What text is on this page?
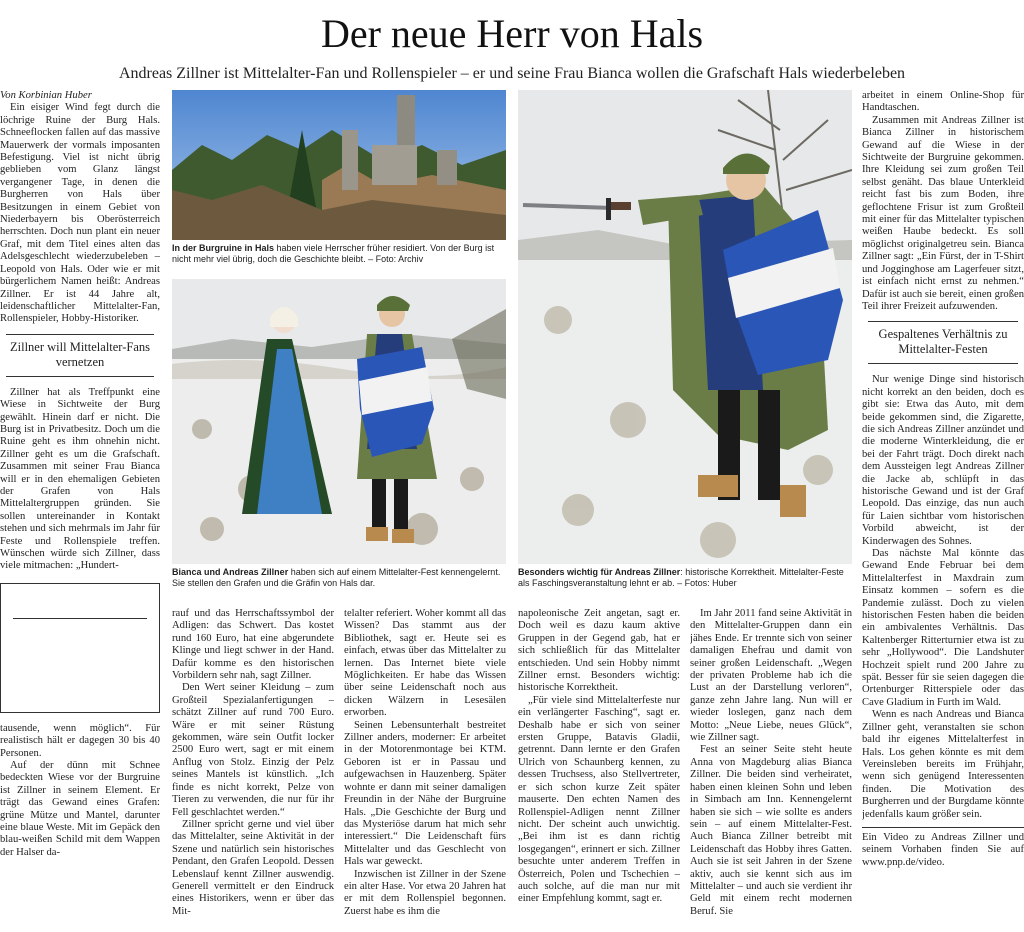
Der neue Herr von Hals
Andreas Zillner ist Mittelalter-Fan und Rollenspieler – er und seine Frau Bianca wollen die Grafschaft Hals wiederbeleben

Von Korbinian Huber

Ein eisiger Wind fegt durch die löchrige Ruine der Burg Hals. Schneeflocken fallen auf das massive Mauerwerk der vormals imposanten Befestigung. Viel ist nicht übrig geblieben vom Glanz längst vergangener Tage, in denen die Burgherren von Hals über Besitzungen in einem Gebiet von Niederbayern bis Oberösterreich herrschten. Doch nun plant ein neuer Graf, mit dem Titel eines alten das Adelsgeschlecht wiederzubeleben – Leopold von Hals. Oder wie er mit bürgerlichem Namen heißt: Andreas Zillner. Er ist 44 Jahre alt, leidenschaftlicher Mittelalter-Fan, Rollenspieler, Hobby-Historiker.

Zillner will Mittelalter-Fans vernetzen

Zillner hat als Treffpunkt eine Wiese in Sichtweite der Burg gewählt. Hinein darf er nicht. Die Burg ist in Privatbesitz. Doch um die Ruine geht es ihm ohnehin nicht. Zillner geht es um die Grafschaft. Zusammen mit seiner Frau Bianca will er in den ehemaligen Gebieten der Grafen von Hals Mittelaltergruppen gründen. Sie sollen untereinander in Kontakt stehen und sich mehrmals im Jahr für Feste und Rollenspiele treffen. Wünschen würde sich Zillner, dass viele mitmachen: „Hundert-

tausende, wenn möglich“. Für realistisch hält er dagegen 30 bis 40 Personen.

Auf der dünn mit Schnee bedeckten Wiese vor der Burgruine ist Zillner in seinem Element. Er trägt das Gewand eines Grafen: grüne Mütze und Mantel, darunter eine blaue Weste. Mit im Gepäck den blau-weißen Schild mit dem Wappen der Halser da-

In der Burgruine in Hals haben viele Herrscher früher residiert. Von der Burg ist nicht mehr viel übrig, doch die Geschichte bleibt. – Foto: Archiv
Bianca und Andreas Zillner haben sich auf einem Mittelalter-Fest kennengelernt. Sie stellen den Grafen und die Gräfin von Hals dar.
Besonders wichtig für Andreas Zillner: historische Korrektheit. Mittelalter-Feste als Faschingsveranstaltung lehnt er ab. – Fotos: Huber

rauf und das Herrschaftssymbol der Adligen: das Schwert. Das kostet rund 160 Euro, hat eine abgerundete Klinge und liegt schwer in der Hand. Dafür komme es den historischen Vorbildern sehr nah, sagt Zillner.

Den Wert seiner Kleidung – zum Großteil Spezialanfertigungen – schätzt Zillner auf rund 700 Euro. Wäre er mit seiner Rüstung gekommen, wäre sein Outfit locker 2500 Euro wert, sagt er mit einem Anflug von Stolz. Einzig der Pelz seines Mantels ist künstlich. „Ich finde es nicht korrekt, Pelze von Tieren zu verwenden, die nur für ihr Fell geschlachtet werden.“

Zillner spricht gerne und viel über das Mittelalter, seine Aktivität in der Szene und natürlich sein historisches Pendant, den Grafen Leopold. Dessen Lebenslauf kennt Zillner auswendig. Generell vermittelt er den Eindruck eines Historikers, wenn er über das Mit-

telalter referiert. Woher kommt all das Wissen? Das stammt aus der Bibliothek, sagt er. Heute sei es einfach, etwas über das Mittelalter zu lernen. Das Internet biete viele Möglichkeiten. Er habe das Wissen über seine Leidenschaft noch aus dicken Wälzern in Lesesälen erworben.

Seinen Lebensunterhalt bestreitet Zillner anders, moderner: Er arbeitet in der Motorenmontage bei KTM. Geboren ist er in Passau und aufgewachsen in Hauzenberg. Später wohnte er dann mit seiner damaligen Freundin in der Nähe der Burgruine Hals. „Die Geschichte der Burg und das Mysteriöse darum hat mich sehr interessiert.“ Die Leidenschaft fürs Mittelalter und das Geschlecht von Hals war geweckt.

Inzwischen ist Zillner in der Szene ein alter Hase. Vor etwa 20 Jahren hat er mit dem Rollenspiel begonnen. Zuerst habe es ihm die

napoleonische Zeit angetan, sagt er. Doch weil es dazu kaum aktive Gruppen in der Gegend gab, hat er sich schließlich für das Mittelalter entschieden. Und sein Hobby nimmt Zillner ernst. Besonders wichtig: historische Korrektheit.

„Für viele sind Mittelalterfeste nur ein verlängerter Fasching“, sagt er. Deshalb habe er sich von seiner ersten Gruppe, Batavis Gladii, getrennt. Dann lernte er den Grafen Ulrich von Schaunberg kennen, zu dessen Truchsess, also Stellvertreter, er sich schon kurze Zeit später mauserte. Den echten Namen des Rollenspiel-Adligen nennt Zillner nicht. Der scheint auch unwichtig. „Bei ihm ist es dann richtig losgegangen“, erinnert er sich. Zillner besuchte unter anderem Treffen in Österreich, Polen und Tschechien – auch solche, auf die man nur mit einer Empfehlung kommt, sagt er.

Im Jahr 2011 fand seine Aktivität in den Mittelalter-Gruppen dann ein jähes Ende. Er trennte sich von seiner damaligen Ehefrau und damit von seiner großen Leidenschaft. „Wegen der privaten Probleme hab ich die Lust an der Darstellung verloren“, ganze zehn Jahre lang. Nun will er wieder loslegen, ganz nach dem Motto: „Neue Liebe, neues Glück“, wie Zillner sagt.

Fest an seiner Seite steht heute Anna von Magdeburg alias Bianca Zillner. Die beiden sind verheiratet, haben einen kleinen Sohn und leben in Simbach am Inn. Kennengelernt haben sie sich – wie sollte es anders sein – auf einem Mittelalter-Fest. Auch Bianca Zillner betreibt mit Leidenschaft das Hobby ihres Gatten. Auch sie ist seit Jahren in der Szene aktiv, auch sie kennt sich aus im Mittelalter – und auch sie verdient ihr Geld mit einem recht modernen Beruf. Sie

arbeitet in einem Online-Shop für Handtaschen.

Zusammen mit Andreas Zillner ist Bianca Zillner in historischem Gewand auf die Wiese in der Sichtweite der Burgruine gekommen. Ihre Kleidung sei zum großen Teil selbst genäht. Das blaue Unterkleid reicht fast bis zum Boden, ihre geflochtene Frisur ist zum Großteil mit einer für das Mittelalter typischen weißen Haube bedeckt. Es soll möglichst originalgetreu sein. Bianca Zillner sagt: „Ein Fürst, der in T-Shirt und Jogginghose am Lagerfeuer sitzt, ist einfach nicht ernst zu nehmen.“ Dafür ist auch sie bereit, einen großen Teil ihrer Freizeit aufzuwenden.

Gespaltenes Verhältnis zu Mittelalter-Festen

Nur wenige Dinge sind historisch nicht korrekt an den beiden, doch es gibt sie: Etwa das Auto, mit dem beide gekommen sind, die Zigarette, die sich Andreas Zillner anzündet und die moderne Winterkleidung, die er bei der Fahrt trägt. Doch direkt nach dem Aussteigen legt Andreas Zillner die Jacke ab, schlüpft in das historische Gewand und ist der Graf Leopold. Das einzige, das nun auch für Laien sichtbar vom historischen Vorbild abweicht, ist der Kinderwagen des Sohnes.

Das nächste Mal könnte das Gewand Ende Februar bei dem Mittelalterfest in Maxdrain zum Einsatz kommen – sofern es die Pandemie zulässt. Doch zu vielen historischen Festen haben die beiden ein ambivalentes Verhältnis. Das Kaltenberger Ritterturnier etwa ist zu sehr „Hollywood“. Die Landshuter Hochzeit spielt rund 200 Jahre zu spät. Besser für sie seien dagegen die Ortenburger Ritterspiele oder das Cave Gladium in Furth im Wald.

Wenn es nach Andreas und Bianca Zillner geht, veranstalten sie schon bald ihr eigenes Mittelalterfest in Hals. Los gehen könnte es mit dem Vereinsleben bereits im Frühjahr, wenn sich genügend Interessenten finden. Die Motivation des Burgherren und der Burgdame könnte jedenfalls kaum größer sein.

Ein Video zu Andreas Zillner und seinem Vorhaben finden Sie auf www.pnp.de/video.
